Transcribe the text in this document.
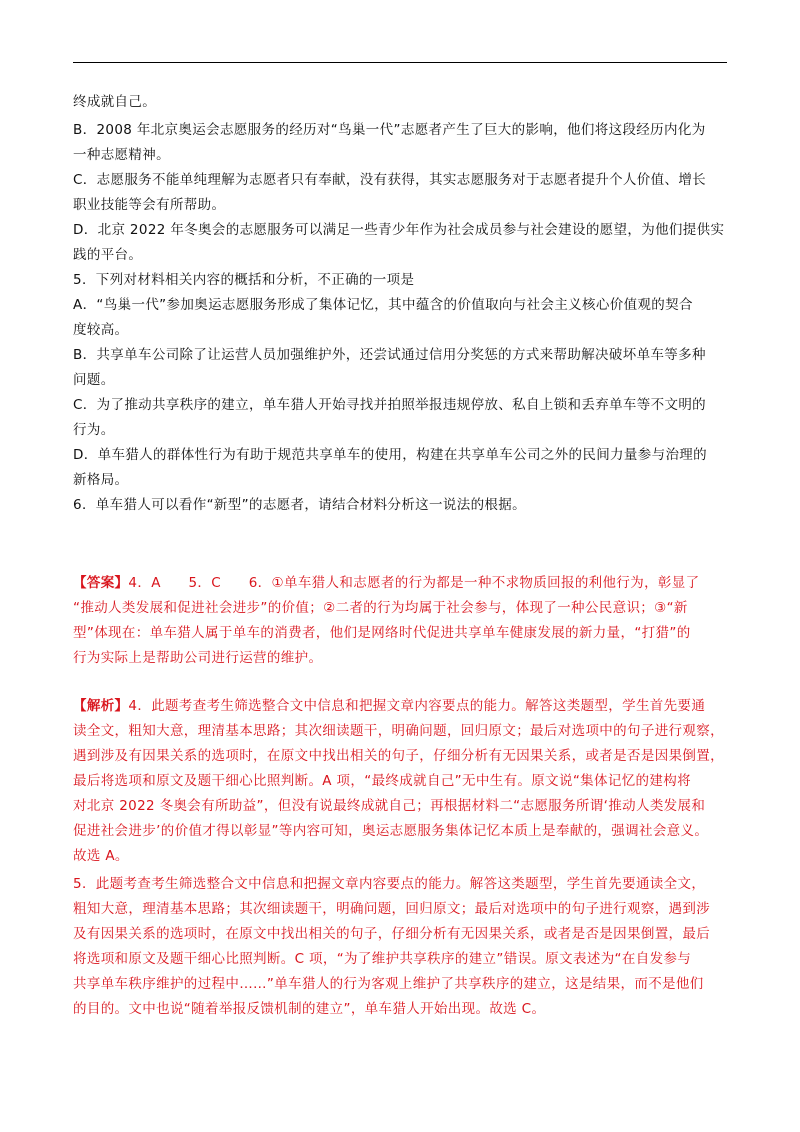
终成就自己。
B．2008 年北京奥运会志愿服务的经历对“鸟巢一代”志愿者产生了巨大的影响，他们将这段经历内化为
一种志愿精神。
C．志愿服务不能单纯理解为志愿者只有奉献，没有获得，其实志愿服务对于志愿者提升个人价值、增长
职业技能等会有所帮助。
D．北京 2022 年冬奥会的志愿服务可以满足一些青少年作为社会成员参与社会建设的愿望，为他们提供实
践的平台。
5．下列对材料相关内容的概括和分析，不正确的一项是
A．“鸟巢一代”参加奥运志愿服务形成了集体记忆，其中蕴含的价值取向与社会主义核心价值观的契合
度较高。
B．共享单车公司除了让运营人员加强维护外，还尝试通过信用分奖惩的方式来帮助解决破坏单车等多种
问题。
C．为了推动共享秩序的建立，单车猎人开始寻找并拍照举报违规停放、私自上锁和丢弃单车等不文明的
行为。
D．单车猎人的群体性行为有助于规范共享单车的使用，构建在共享单车公司之外的民间力量参与治理的
新格局。
6．单车猎人可以看作“新型”的志愿者，请结合材料分析这一说法的根据。
【答案】4．A　　5．C　　6．①单车猎人和志愿者的行为都是一种不求物质回报的利他行为，彰显了
“推动人类发展和促进社会进步”的价值；②二者的行为均属于社会参与，体现了一种公民意识；③“新
型”体现在：单车猎人属于单车的消费者，他们是网络时代促进共享单车健康发展的新力量，“打猎”的
行为实际上是帮助公司进行运营的维护。
【解析】4．此题考查考生筛选整合文中信息和把握文章内容要点的能力。解答这类题型，学生首先要通
读全文，粗知大意，理清基本思路；其次细读题干，明确问题，回归原文；最后对选项中的句子进行观察，
遇到涉及有因果关系的选项时，在原文中找出相关的句子，仔细分析有无因果关系，或者是否是因果倒置，
最后将选项和原文及题干细心比照判断。A 项，“最终成就自己”无中生有。原文说“集体记忆的建构将
对北京 2022 冬奥会有所助益”，但没有说最终成就自己；再根据材料二“志愿服务所谓‘推动人类发展和
促进社会进步’的价值才得以彰显”等内容可知，奥运志愿服务集体记忆本质上是奉献的，强调社会意义。
故选 A。
5．此题考查考生筛选整合文中信息和把握文章内容要点的能力。解答这类题型，学生首先要通读全文，
粗知大意，理清基本思路；其次细读题干，明确问题，回归原文；最后对选项中的句子进行观察，遇到涉
及有因果关系的选项时，在原文中找出相关的句子，仔细分析有无因果关系，或者是否是因果倒置，最后
将选项和原文及题干细心比照判断。C 项，“为了维护共享秩序的建立”错误。原文表述为“在自发参与
共享单车秩序维护的过程中……”单车猎人的行为客观上维护了共享秩序的建立，这是结果，而不是他们
的目的。文中也说“随着举报反馈机制的建立”，单车猎人开始出现。故选 C。
